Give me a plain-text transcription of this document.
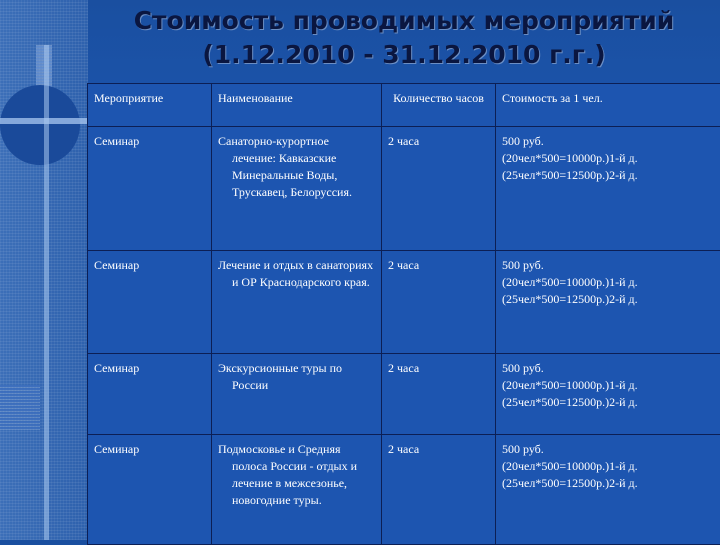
Стоимость проводимых мероприятий
(1.12.2010 - 31.12.2010 г.г.)
Мероприятие	Наименование	Количество часов	Стоимость за 1 чел.
Семинар	Санаторно-курортное лечение: Кавказские Минеральные Воды, Трускавец, Белоруссия.	2 часа	500 руб.
(20чел*500=10000р.)1-й д.
(25чел*500=12500р.)2-й д.

Семинар	Лечение и отдых в санаториях и ОР Краснодарского края.	2 часа	500 руб.
(20чел*500=10000р.)1-й д.
(25чел*500=12500р.)2-й д.

Семинар	Экскурсионные туры по России	2 часа	500 руб.
(20чел*500=10000р.)1-й д.
(25чел*500=12500р.)2-й д.

Семинар	Подмосковье и Средняя полоса России - отдых и лечение в межсезонье, новогодние туры.	2 часа	500 руб.
(20чел*500=10000р.)1-й д.
(25чел*500=12500р.)2-й д.
